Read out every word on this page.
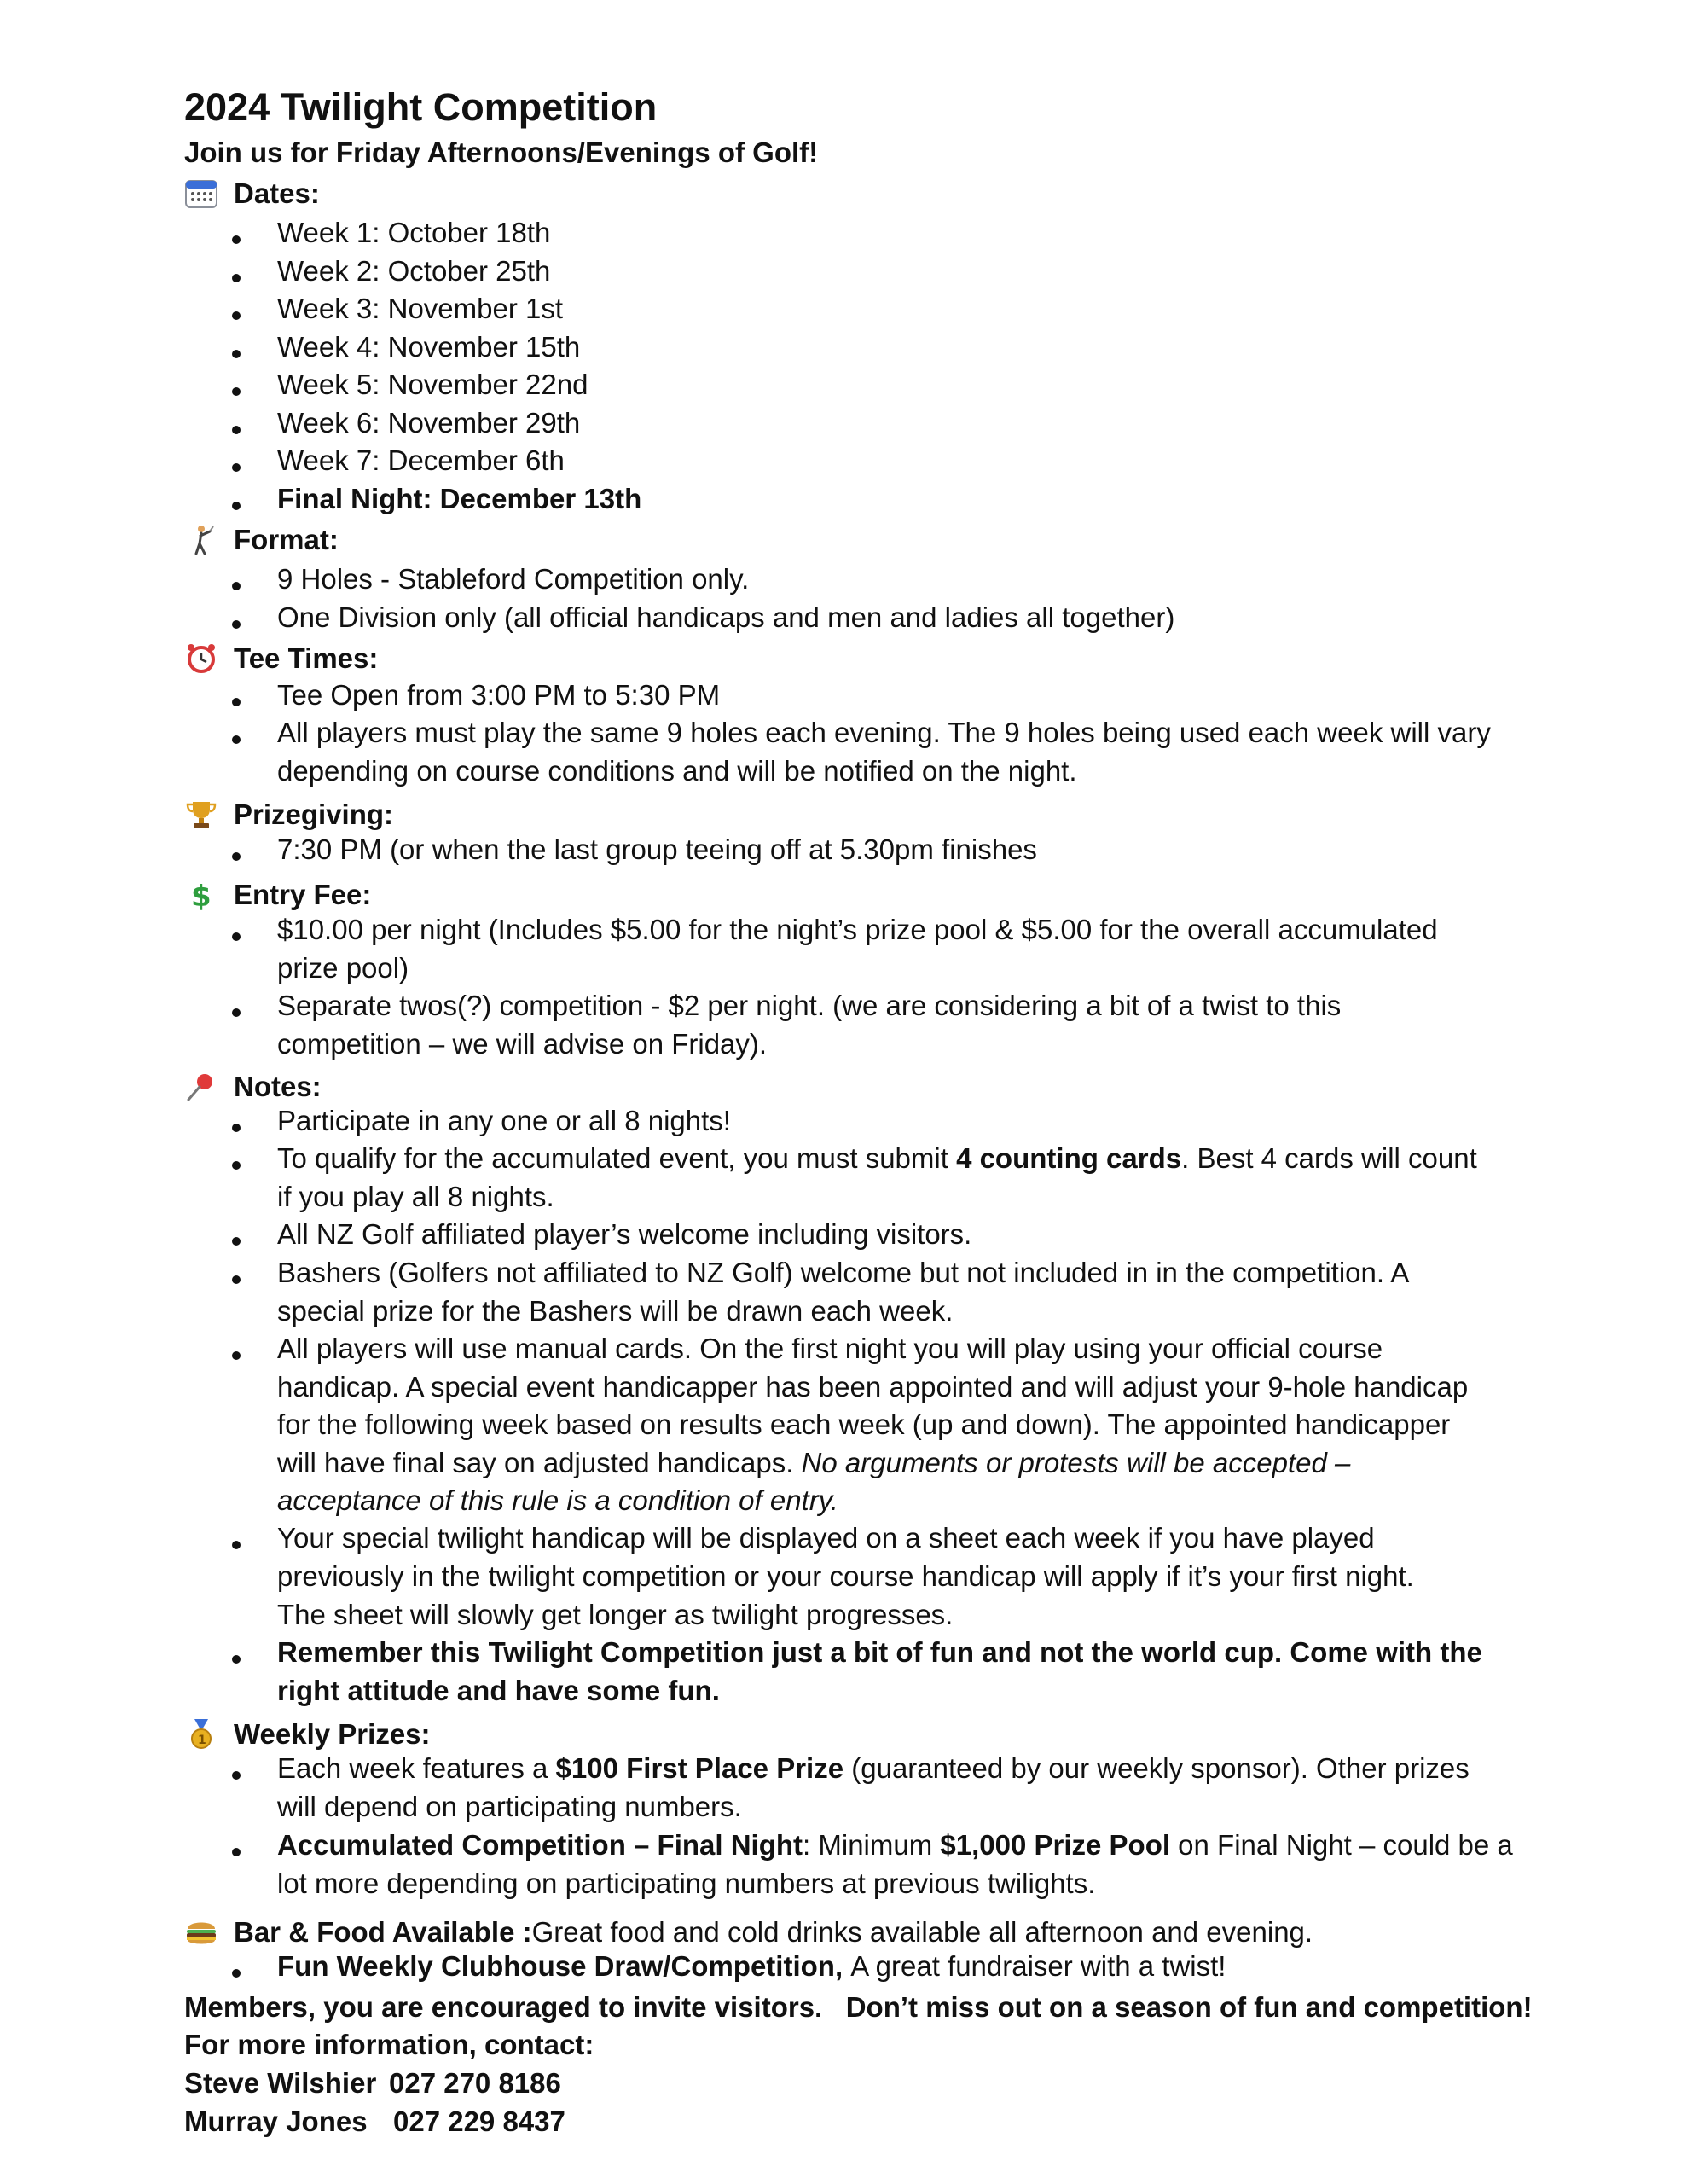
2024 Twilight Competition
Join us for Friday Afternoons/Evenings of Golf!
Dates:
Week 1: October 18th
Week 2: October 25th
Week 3: November 1st
Week 4: November 15th
Week 5: November 22nd
Week 6: November 29th
Week 7: December 6th
Final Night: December 13th
Format:
9 Holes - Stableford Competition only.
One Division only (all official handicaps and men and ladies all together)
Tee Times:
Tee Open from 3:00 PM to 5:30 PM
All players must play the same 9 holes each evening. The 9 holes being used each week will vary
depending on course conditions and will be notified on the night.
Prizegiving:
7:30 PM (or when the last group teeing off at 5.30pm finishes
$ Entry Fee:
$10.00 per night (Includes $5.00 for the night’s prize pool & $5.00 for the overall accumulated
prize pool)
Separate twos(?) competition - $2 per night. (we are considering a bit of a twist to this
competition – we will advise on Friday).
Notes:
Participate in any one or all 8 nights!
To qualify for the accumulated event, you must submit 4 counting cards. Best 4 cards will count
if you play all 8 nights.
All NZ Golf affiliated player’s welcome including visitors.
Bashers (Golfers not affiliated to NZ Golf) welcome but not included in in the competition. A
special prize for the Bashers will be drawn each week.
All players will use manual cards. On the first night you will play using your official course
handicap. A special event handicapper has been appointed and will adjust your 9-hole handicap
for the following week based on results each week (up and down). The appointed handicapper
will have final say on adjusted handicaps. No arguments or protests will be accepted –
acceptance of this rule is a condition of entry.
Your special twilight handicap will be displayed on a sheet each week if you have played
previously in the twilight competition or your course handicap will apply if it’s your first night.
The sheet will slowly get longer as twilight progresses.
Remember this Twilight Competition just a bit of fun and not the world cup. Come with the
right attitude and have some fun.
1 Weekly Prizes:
Each week features a $100 First Place Prize (guaranteed by our weekly sponsor). Other prizes
will depend on participating numbers.
Accumulated Competition – Final Night: Minimum $1,000 Prize Pool on Final Night – could be a
lot more depending on participating numbers at previous twilights.
Bar & Food Available : Great food and cold drinks available all afternoon and evening.
Fun Weekly Clubhouse Draw/Competition, A great fundraiser with a twist!
Members, you are encouraged to invite visitors.   Don’t miss out on a season of fun and competition!
For more information, contact:
Steve Wilshier 027 270 8186
Murray Jones 027 229 8437
